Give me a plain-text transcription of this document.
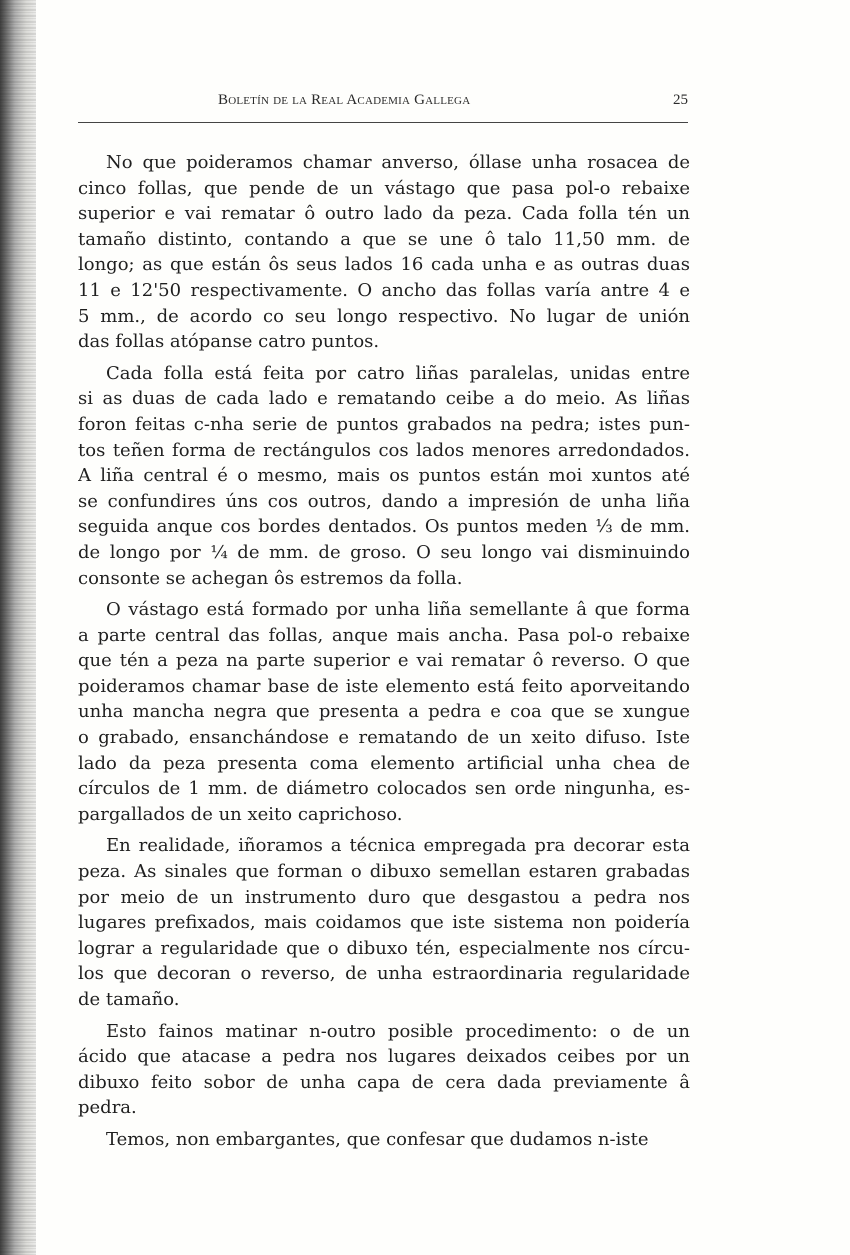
Boletín de la Real Academia Gallega	25
No que poideramos chamar anverso, óllase unha rosacea de
cinco follas, que pende de un vástago que pasa pol-o rebaixe
superior e vai rematar ô outro lado da peza. Cada folla tén un
tamaño distinto, contando a que se une ô talo 11,50 mm. de
longo; as que están ôs seus lados 16 cada unha e as outras duas
11 e 12'50 respectivamente. O ancho das follas varía antre 4 e
5 mm., de acordo co seu longo respectivo. No lugar de unión
das follas atópanse catro puntos.
Cada folla está feita por catro liñas paralelas, unidas entre
si as duas de cada lado e rematando ceibe a do meio. As liñas
foron feitas c-nha serie de puntos grabados na pedra; istes pun-
tos teñen forma de rectángulos cos lados menores arredondados.
A liña central é o mesmo, mais os puntos están moi xuntos até
se confundires úns cos outros, dando a impresión de unha liña
seguida anque cos bordes dentados. Os puntos meden ⅓ de mm.
de longo por ¼ de mm. de groso. O seu longo vai disminuindo
consonte se achegan ôs estremos da folla.
O vástago está formado por unha liña semellante â que forma
a parte central das follas, anque mais ancha. Pasa pol-o rebaixe
que tén a peza na parte superior e vai rematar ô reverso. O que
poideramos chamar base de iste elemento está feito aporveitando
unha mancha negra que presenta a pedra e coa que se xungue
o grabado, ensanchándose e rematando de un xeito difuso. Iste
lado da peza presenta coma elemento artificial unha chea de
círculos de 1 mm. de diámetro colocados sen orde ningunha, es-
pargallados de un xeito caprichoso.
En realidade, iñoramos a técnica empregada pra decorar esta
peza. As sinales que forman o dibuxo semellan estaren grabadas
por meio de un instrumento duro que desgastou a pedra nos
lugares prefixados, mais coidamos que iste sistema non poidería
lograr a regularidade que o dibuxo tén, especialmente nos círcu-
los que decoran o reverso, de unha estraordinaria regularidade
de tamaño.
Esto fainos matinar n-outro posible procedimento: o de un
ácido que atacase a pedra nos lugares deixados ceibes por un
dibuxo feito sobor de unha capa de cera dada previamente â
pedra.
Temos, non embargantes, que confesar que dudamos n-iste
